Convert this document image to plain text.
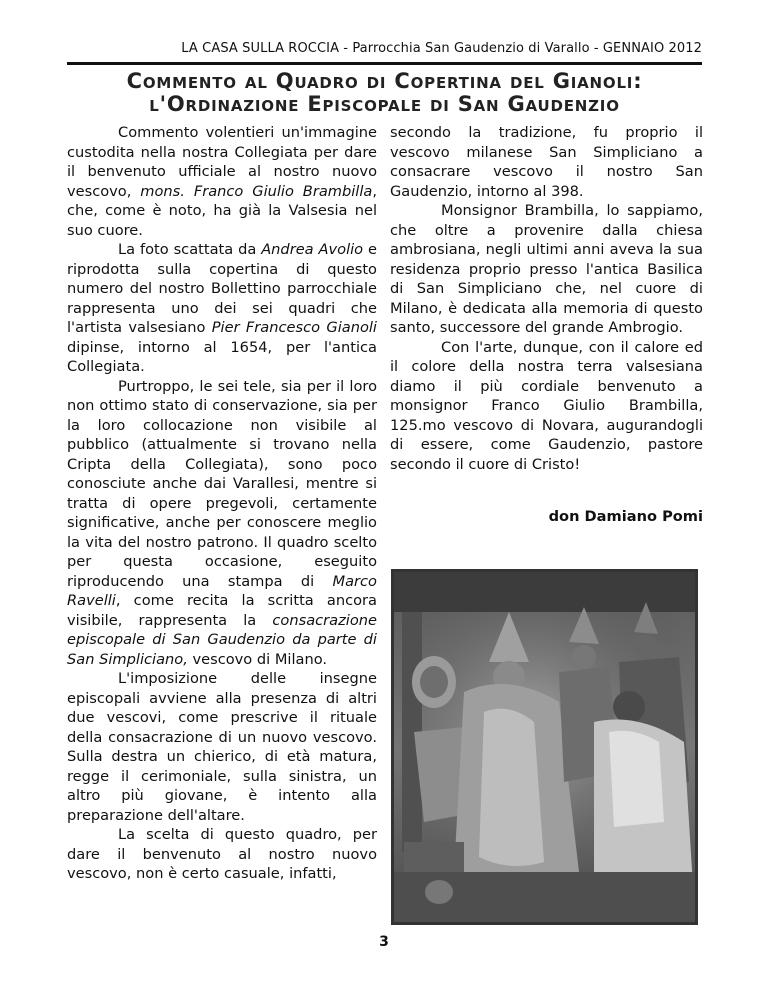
LA CASA SULLA ROCCIA - Parrocchia San Gaudenzio di Varallo - GENNAIO 2012
Commento al Quadro di Copertina del Gianoli:
l'Ordinazione Episcopale di San Gaudenzio

Commento volentieri un'immagine custodita nella nostra Collegiata per dare il benvenuto ufficiale al nostro nuovo vescovo, mons. Franco Giulio Brambilla, che, come è noto, ha già la Valsesia nel suo cuore.

La foto scattata da Andrea Avolio e riprodotta sulla copertina di questo numero del nostro Bollettino parrocchiale rappresenta uno dei sei quadri che l'artista valsesiano Pier Francesco Gianoli dipinse, intorno al 1654, per l'antica Collegiata.

Purtroppo, le sei tele, sia per il loro non ottimo stato di conservazione, sia per la loro collocazione non visibile al pubblico (attualmente si trovano nella Cripta della Collegiata), sono poco conosciute anche dai Varallesi, mentre si tratta di opere pregevoli, certamente significative, anche per conoscere meglio la vita del nostro patrono. Il quadro scelto per questa occasione, eseguito riproducendo una stampa di Marco Ravelli, come recita la scritta ancora visibile, rappresenta la consacrazione episcopale di San Gaudenzio da parte di San Simpliciano, vescovo di Milano.

L'imposizione delle insegne episcopali avviene alla presenza di altri due vescovi, come prescrive il rituale della consacrazione di un nuovo vescovo. Sulla destra un chierico, di età matura, regge il cerimoniale, sulla sinistra, un altro più giovane, è intento alla preparazione dell'altare.

La scelta di questo quadro, per dare il benvenuto al nostro nuovo vescovo, non è certo casuale, infatti,

secondo la tradizione, fu proprio il vescovo milanese San Simpliciano a consacrare vescovo il nostro San Gaudenzio, intorno al 398.

Monsignor Brambilla, lo sappiamo, che oltre a provenire dalla chiesa ambrosiana, negli ultimi anni aveva la sua residenza proprio presso l'antica Basilica di San Simpliciano che, nel cuore di Milano, è dedicata alla memoria di questo santo, successore del grande Ambrogio.

Con l'arte, dunque, con il calore ed il colore della nostra terra valsesiana diamo il più cordiale benvenuto a monsignor Franco Giulio Brambilla, 125.mo vescovo di Novara, augurandogli di essere, come Gaudenzio, pastore secondo il cuore di Cristo!

don Damiano Pomi
3
